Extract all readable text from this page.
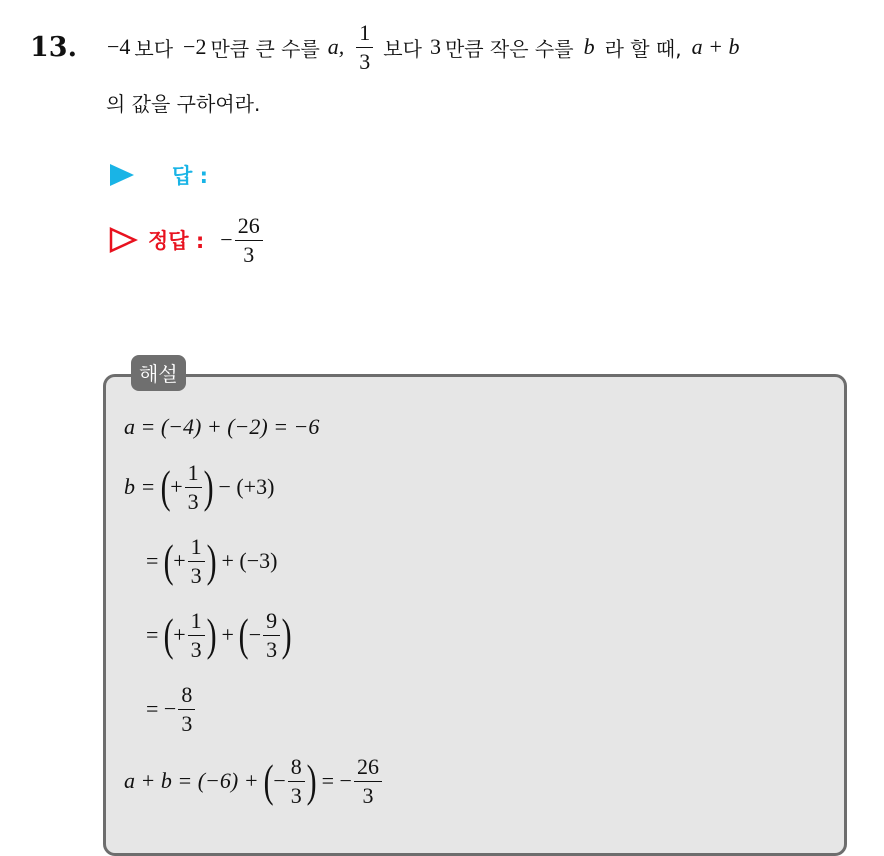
13. −4 보다 −2 만큼 큰 수를 a, $\frac{1}{3}$ 보다 3 만큼 작은 수를 b 라 할 때, a + b
의 값을 구하여라.
답 :
정답 : − $\frac{26}{3}$
해설
a = (−4) + (−2) = −6
b = ( + $\frac{1}{3}$ ) − (+3)
= ( + $\frac{1}{3}$ ) + (−3)
= ( + $\frac{1}{3}$ ) + ( − $\frac{9}{3}$ )
= − $\frac{8}{3}$
a + b = (−6) + ( − $\frac{8}{3}$ ) = − $\frac{26}{3}$
